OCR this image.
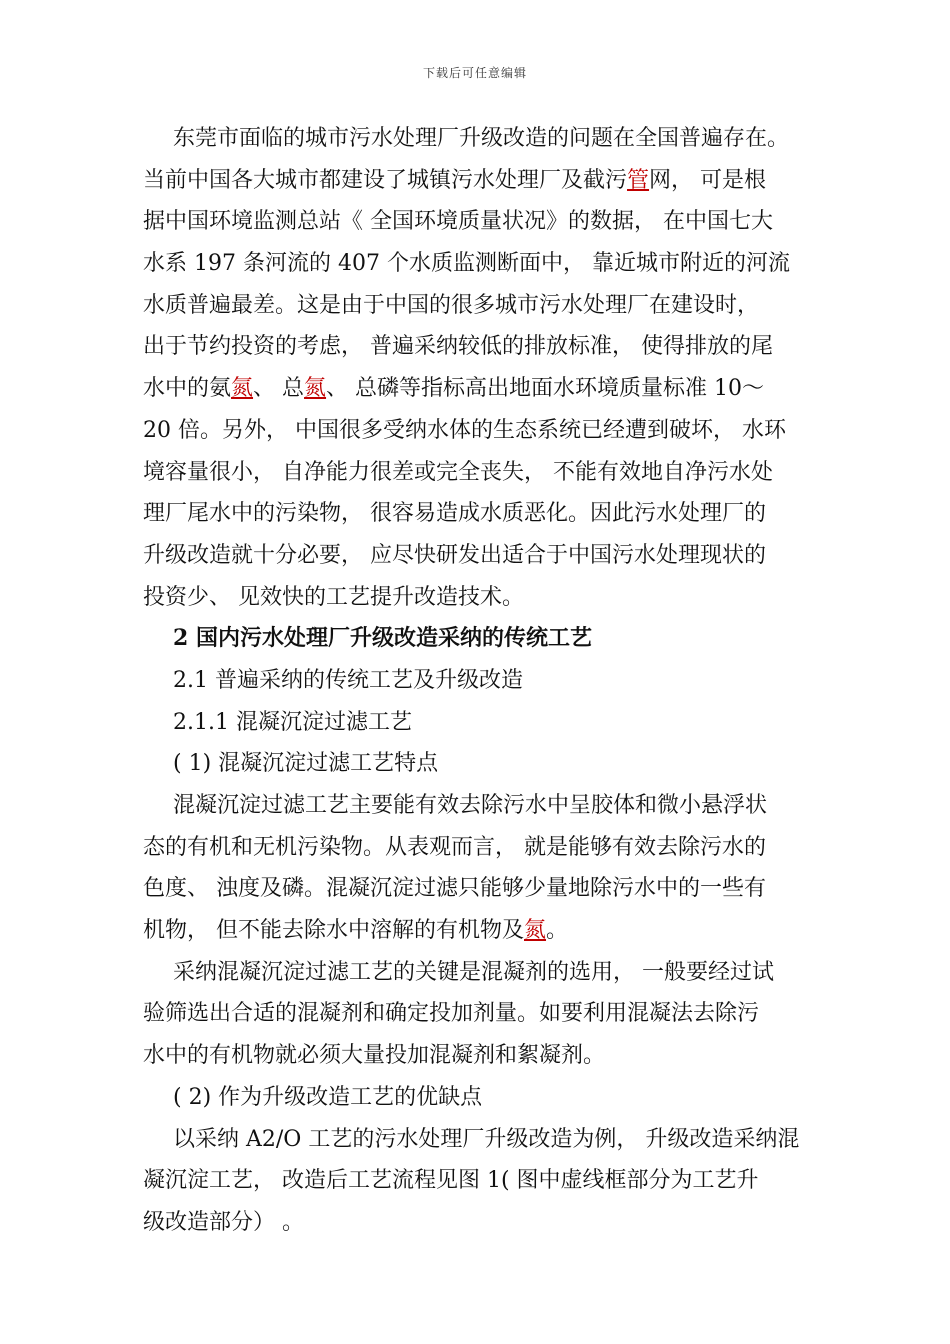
下载后可任意编辑
东莞市面临的城市污水处理厂升级改造的问题在全国普遍存在。
当前中国各大城市都建设了城镇污水处理厂及截污管网， 可是根
据中国环境监测总站《 全国环境质量状况》的数据， 在中国七大
水系 197 条河流的 407 个水质监测断面中， 靠近城市附近的河流
水质普遍最差。这是由于中国的很多城市污水处理厂在建设时，
出于节约投资的考虑， 普遍采纳较低的排放标准， 使得排放的尾
水中的氨氮、 总氮、 总磷等指标高出地面水环境质量标准 10～
20 倍。另外， 中国很多受纳水体的生态系统已经遭到破坏， 水环
境容量很小， 自净能力很差或完全丧失， 不能有效地自净污水处
理厂尾水中的污染物， 很容易造成水质恶化。因此污水处理厂的
升级改造就十分必要， 应尽快研发出适合于中国污水处理现状的
投资少、 见效快的工艺提升改造技术。
2 国内污水处理厂升级改造采纳的传统工艺
2.1 普遍采纳的传统工艺及升级改造
2.1.1 混凝沉淀过滤工艺
( 1) 混凝沉淀过滤工艺特点
混凝沉淀过滤工艺主要能有效去除污水中呈胶体和微小悬浮状
态的有机和无机污染物。从表观而言， 就是能够有效去除污水的
色度、 浊度及磷。混凝沉淀过滤只能够少量地除污水中的一些有
机物， 但不能去除水中溶解的有机物及氮。
采纳混凝沉淀过滤工艺的关键是混凝剂的选用， 一般要经过试
验筛选出合适的混凝剂和确定投加剂量。如要利用混凝法去除污
水中的有机物就必须大量投加混凝剂和絮凝剂。
( 2) 作为升级改造工艺的优缺点
以采纳 A2/O 工艺的污水处理厂升级改造为例， 升级改造采纳混
凝沉淀工艺， 改造后工艺流程见图 1( 图中虚线框部分为工艺升
级改造部分） 。
